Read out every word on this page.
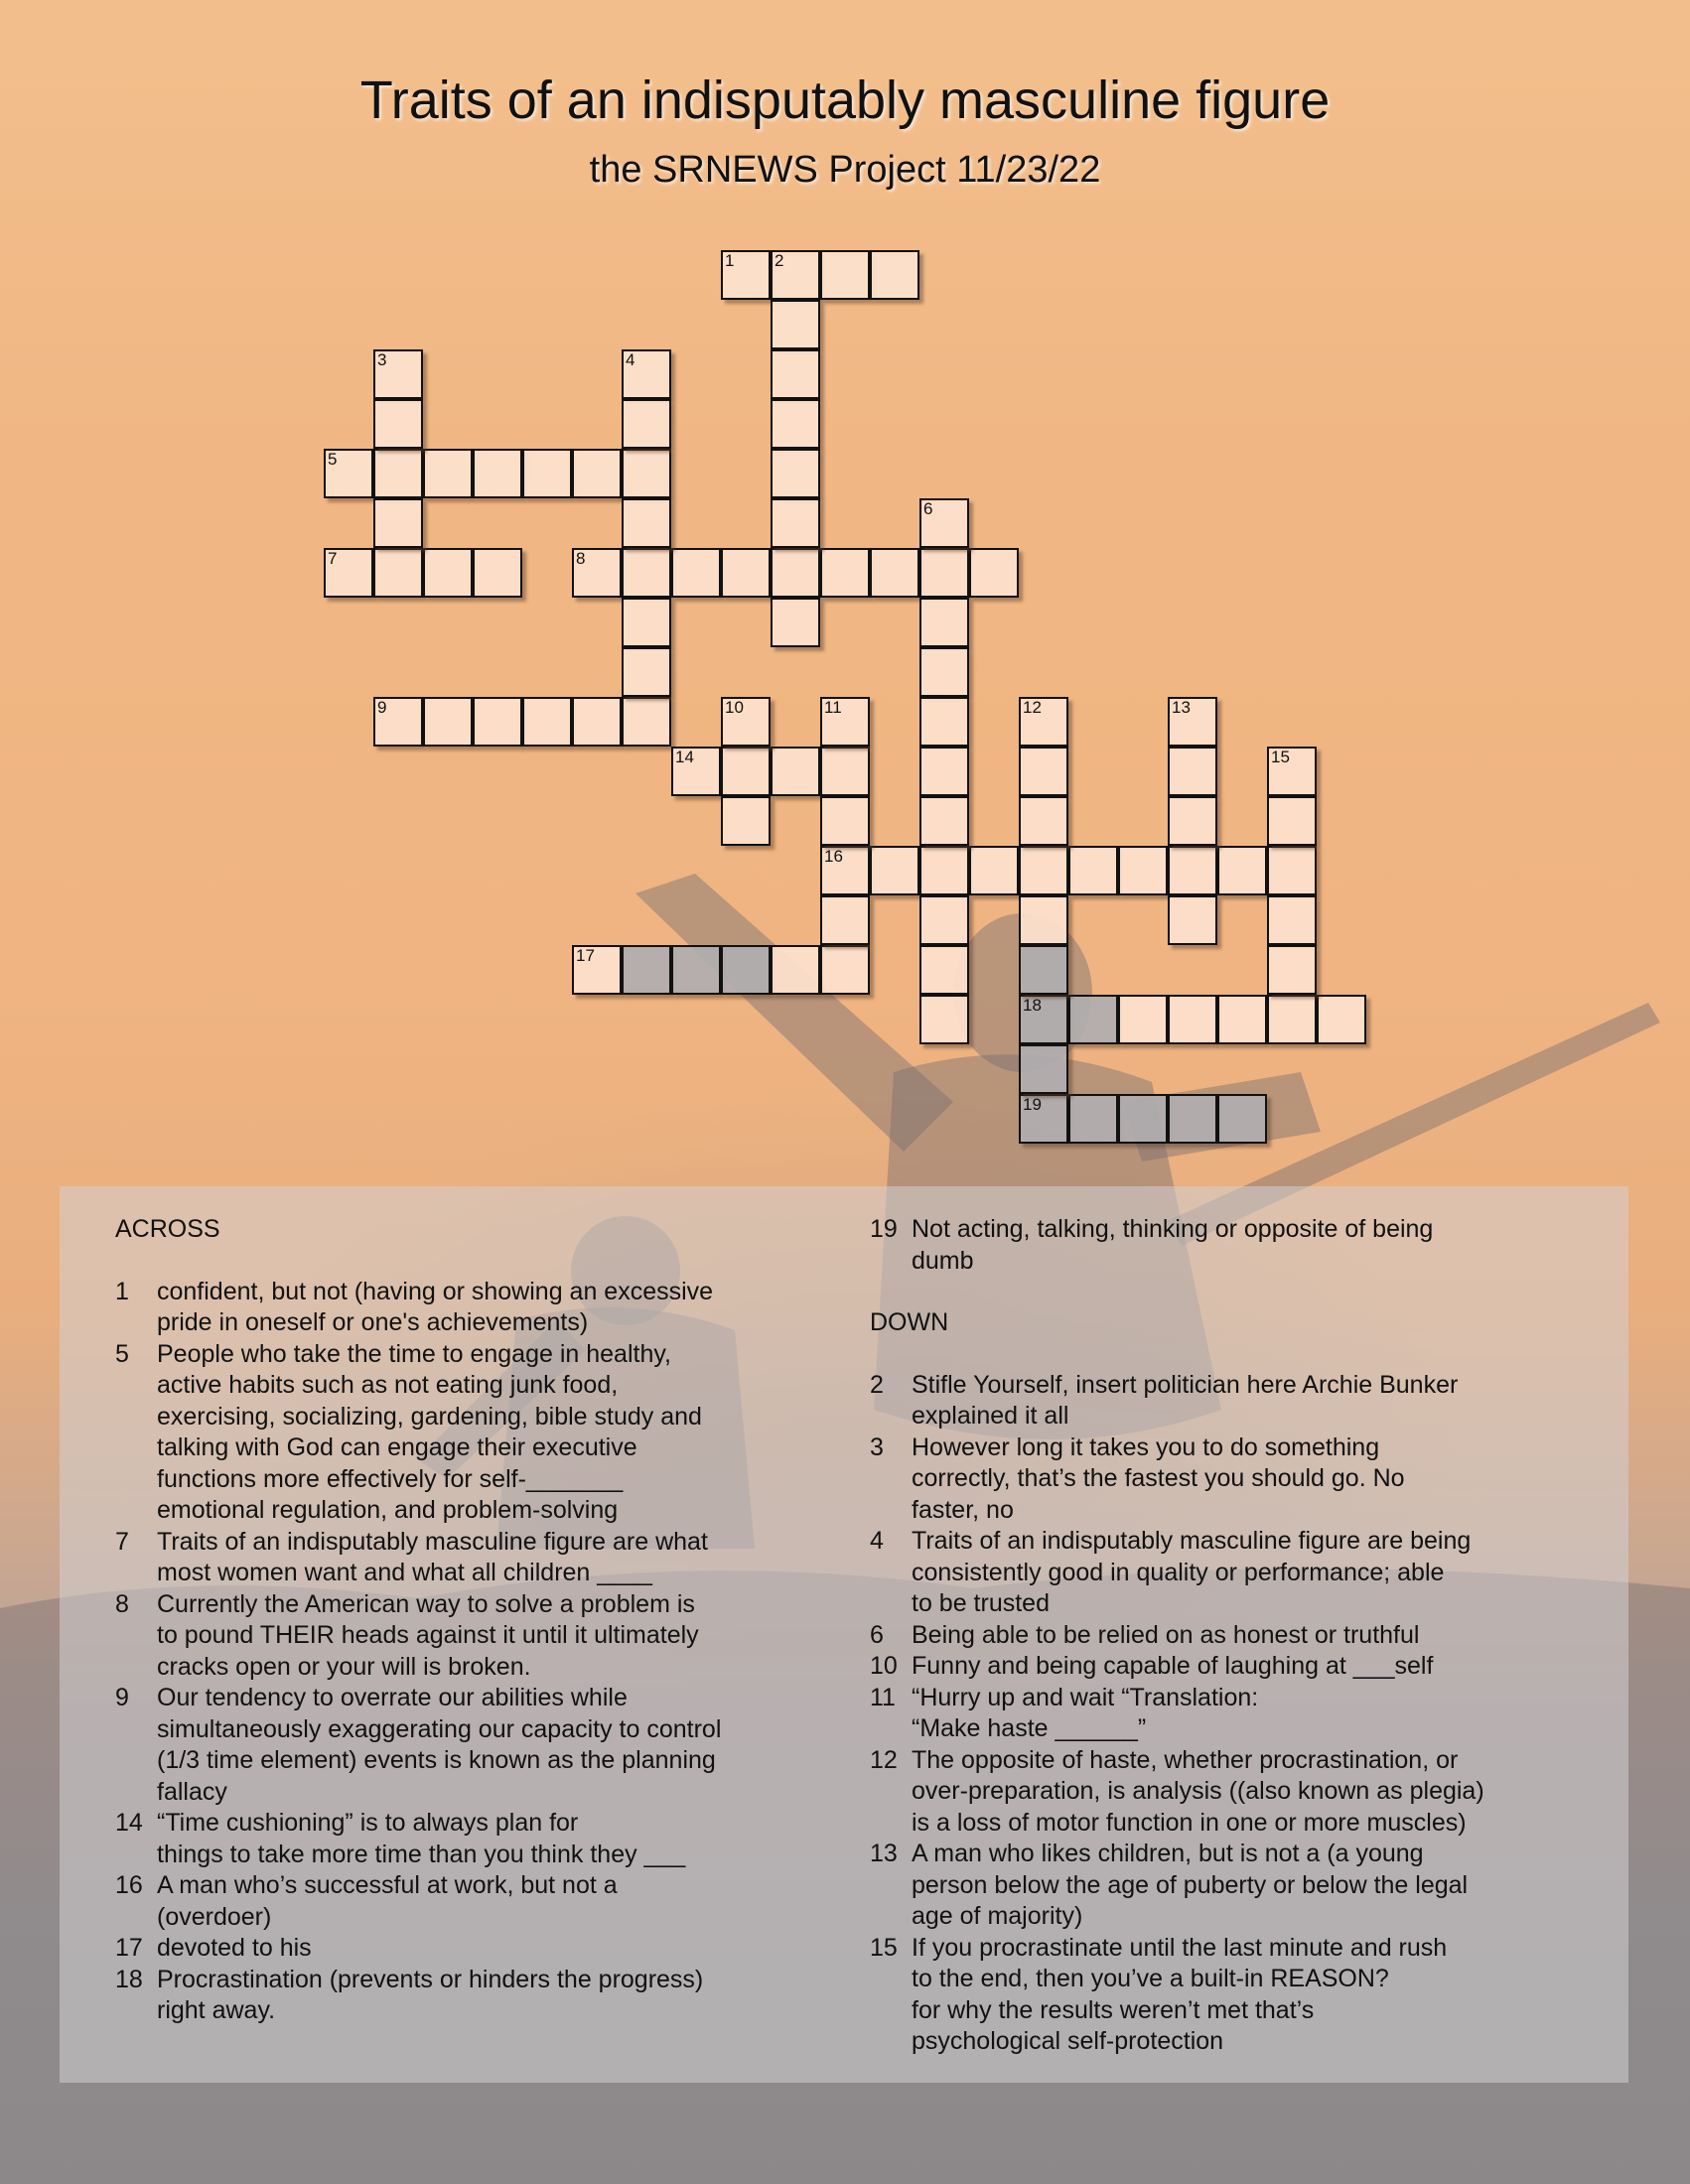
Traits of an indisputably masculine figure
the SRNEWS Project 11/23/22
1 2
5
7	8
9
14
16
17
18
19
3	4
6
10	11	12	13
15
ACROSS
1	confident, but not (having or showing an excessive
pride in oneself or one's achievements)
5	People who take the time to engage in healthy,
active habits such as not eating junk food,
exercising, socializing, gardening, bible study and
talking with God can engage their executive
functions more effectively for self-_______
emotional regulation, and problem-solving
7	Traits of an indisputably masculine figure are what
most women want and what all children ____
8	Currently the American way to solve a problem is
to pound THEIR heads against it until it ultimately
cracks open or your will is broken.
9	Our tendency to overrate our abilities while
simultaneously exaggerating our capacity to control
(1/3 time element) events is known as the planning
fallacy
14 “Time cushioning” is to always plan for
things to take more time than you think they ___
16 A man who’s successful at work, but not a
(overdoer)
17 devoted to his
18 Procrastination (prevents or hinders the progress)
right away.
19 Not acting, talking, thinking or opposite of being
dumb
DOWN
2	Stifle Yourself, insert politician here Archie Bunker
explained it all
3	However long it takes you to do something
correctly, that’s the fastest you should go. No
faster, no
4	Traits of an indisputably masculine figure are being
consistently good in quality or performance; able
to be trusted
6	Being able to be relied on as honest or truthful
10 Funny and being capable of laughing at ___self
11 “Hurry up and wait “Translation:
“Make haste ______”
12 The opposite of haste, whether procrastination, or
over-preparation, is analysis ((also known as plegia)
is a loss of motor function in one or more muscles)
13 A man who likes children, but is not a (a young
person below the age of puberty or below the legal
age of majority)
15 If you procrastinate until the last minute and rush
to the end, then you’ve a built-in REASON?
for why the results weren’t met that’s
psychological self-protection
